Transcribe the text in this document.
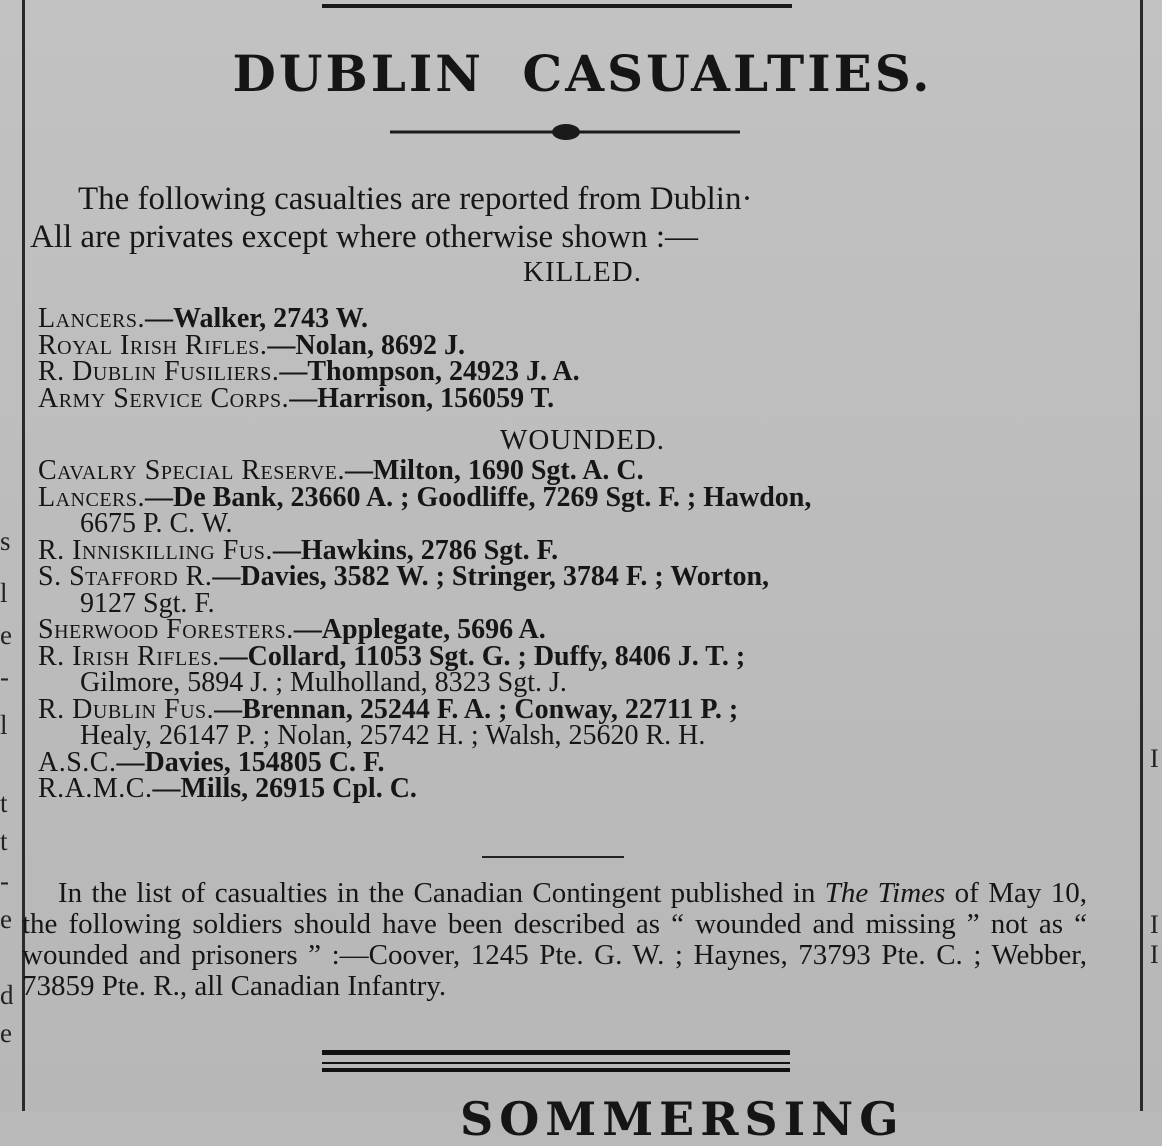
s
l
e
-
l
t
t
-
e
d
e
I
I
I
DUBLIN CASUALTIES.
The following casualties are reported from Dublin·
All are privates except where otherwise shown :—
KILLED.
Lancers.—Walker, 2743 W.
Royal Irish Rifles.—Nolan, 8692 J.
R. Dublin Fusiliers.—Thompson, 24923 J. A.
Army Service Corps.—Harrison, 156059 T.
WOUNDED.
Cavalry Special Reserve.—Milton, 1690 Sgt. A. C.
Lancers.—De Bank, 23660 A. ; Goodliffe, 7269 Sgt. F. ; Hawdon,
6675 P. C. W.
R. Inniskilling Fus.—Hawkins, 2786 Sgt. F.
S. Stafford R.—Davies, 3582 W. ; Stringer, 3784 F. ; Worton,
9127 Sgt. F.
Sherwood Foresters.—Applegate, 5696 A.
R. Irish Rifles.—Collard, 11053 Sgt. G. ; Duffy, 8406 J. T. ;
Gilmore, 5894 J. ; Mulholland, 8323 Sgt. J.
R. Dublin Fus.—Brennan, 25244 F. A. ; Conway, 22711 P. ;
Healy, 26147 P. ; Nolan, 25742 H. ; Walsh, 25620 R. H.
A.S.C.—Davies, 154805 C. F.
R.A.M.C.—Mills, 26915 Cpl. C.
In the list of casualties in the Canadian Contingent published in The Times of May 10, the following soldiers should have been described as “ wounded and missing ” not as “ wounded and prisoners ” :—Coover, 1245 Pte. G. W. ; Haynes, 73793 Pte. C. ; Webber, 73859 Pte. R., all Canadian Infantry.
SOMMERSING
